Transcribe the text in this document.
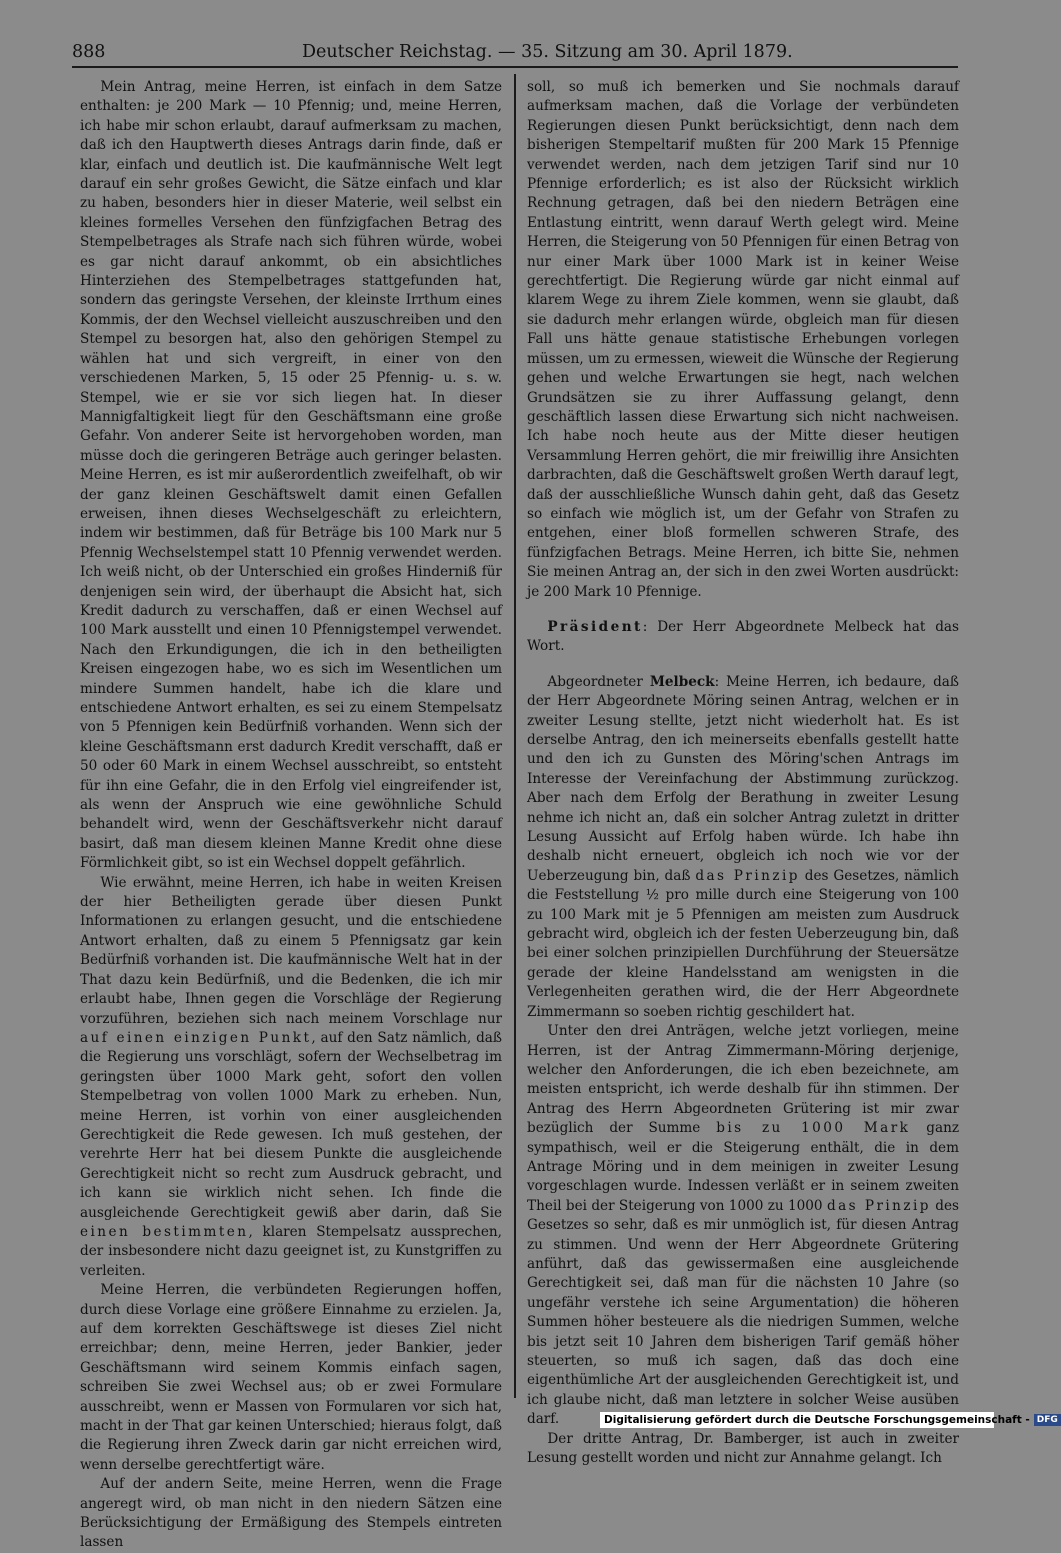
888	Deutscher Reichstag. — 35. Sitzung am 30. April 1879.

Mein Antrag, meine Herren, ist einfach in dem Satze enthalten: je 200 Mark — 10 Pfennig; und, meine Herren, ich habe mir schon erlaubt, darauf aufmerksam zu machen, daß ich den Hauptwerth dieses Antrags darin finde, daß er klar, einfach und deutlich ist. Die kaufmännische Welt legt darauf ein sehr großes Gewicht, die Sätze einfach und klar zu haben, besonders hier in dieser Materie, weil selbst ein kleines formelles Versehen den fünfzigfachen Betrag des Stempelbetrages als Strafe nach sich führen würde, wobei es gar nicht darauf ankommt, ob ein absichtliches Hinterziehen des Stempelbetrages stattgefunden hat, sondern das geringste Versehen, der kleinste Irrthum eines Kommis, der den Wechsel vielleicht auszuschreiben und den Stempel zu besorgen hat, also den gehörigen Stempel zu wählen hat und sich vergreift, in einer von den verschiedenen Marken, 5, 15 oder 25 Pfennig- u. s. w. Stempel, wie er sie vor sich liegen hat. In dieser Mannigfaltigkeit liegt für den Geschäftsmann eine große Gefahr. Von anderer Seite ist hervorgehoben worden, man müsse doch die geringeren Beträge auch geringer belasten. Meine Herren, es ist mir außerordentlich zweifelhaft, ob wir der ganz kleinen Geschäftswelt damit einen Gefallen erweisen, ihnen dieses Wechselgeschäft zu erleichtern, indem wir bestimmen, daß für Beträge bis 100 Mark nur 5 Pfennig Wechselstempel statt 10 Pfennig verwendet werden. Ich weiß nicht, ob der Unterschied ein großes Hinderniß für denjenigen sein wird, der überhaupt die Absicht hat, sich Kredit dadurch zu verschaffen, daß er einen Wechsel auf 100 Mark ausstellt und einen 10 Pfennigstempel verwendet. Nach den Erkundigungen, die ich in den betheiligten Kreisen eingezogen habe, wo es sich im Wesentlichen um mindere Summen handelt, habe ich die klare und entschiedene Antwort erhalten, es sei zu einem Stempelsatz von 5 Pfennigen kein Bedürfniß vorhanden. Wenn sich der kleine Geschäftsmann erst dadurch Kredit verschafft, daß er 50 oder 60 Mark in einem Wechsel ausschreibt, so entsteht für ihn eine Gefahr, die in den Erfolg viel eingreifender ist, als wenn der Anspruch wie eine gewöhnliche Schuld behandelt wird, wenn der Geschäftsverkehr nicht darauf basirt, daß man diesem kleinen Manne Kredit ohne diese Förmlichkeit gibt, so ist ein Wechsel doppelt gefährlich.

Wie erwähnt, meine Herren, ich habe in weiten Kreisen der hier Betheiligten gerade über diesen Punkt Informationen zu erlangen gesucht, und die entschiedene Antwort erhalten, daß zu einem 5 Pfennigsatz gar kein Bedürfniß vorhanden ist. Die kaufmännische Welt hat in der That dazu kein Bedürfniß, und die Bedenken, die ich mir erlaubt habe, Ihnen gegen die Vorschläge der Regierung vorzuführen, beziehen sich nach meinem Vorschlage nur auf einen einzigen Punkt, auf den Satz nämlich, daß die Regierung uns vorschlägt, sofern der Wechselbetrag im geringsten über 1000 Mark geht, sofort den vollen Stempelbetrag von vollen 1000 Mark zu erheben. Nun, meine Herren, ist vorhin von einer ausgleichenden Gerechtigkeit die Rede gewesen. Ich muß gestehen, der verehrte Herr hat bei diesem Punkte die ausgleichende Gerechtigkeit nicht so recht zum Ausdruck gebracht, und ich kann sie wirklich nicht sehen. Ich finde die ausgleichende Gerechtigkeit gewiß aber darin, daß Sie einen bestimmten, klaren Stempelsatz aussprechen, der insbesondere nicht dazu geeignet ist, zu Kunstgriffen zu verleiten.

Meine Herren, die verbündeten Regierungen hoffen, durch diese Vorlage eine größere Einnahme zu erzielen. Ja, auf dem korrekten Geschäftswege ist dieses Ziel nicht erreichbar; denn, meine Herren, jeder Bankier, jeder Geschäftsmann wird seinem Kommis einfach sagen, schreiben Sie zwei Wechsel aus; ob er zwei Formulare ausschreibt, wenn er Massen von Formularen vor sich hat, macht in der That gar keinen Unterschied; hieraus folgt, daß die Regierung ihren Zweck darin gar nicht erreichen wird, wenn derselbe gerechtfertigt wäre.

Auf der andern Seite, meine Herren, wenn die Frage angeregt wird, ob man nicht in den niedern Sätzen eine Berücksichtigung der Ermäßigung des Stempels eintreten lassen

soll, so muß ich bemerken und Sie nochmals darauf aufmerksam machen, daß die Vorlage der verbündeten Regierungen diesen Punkt berücksichtigt, denn nach dem bisherigen Stempeltarif mußten für 200 Mark 15 Pfennige verwendet werden, nach dem jetzigen Tarif sind nur 10 Pfennige erforderlich; es ist also der Rücksicht wirklich Rechnung getragen, daß bei den niedern Beträgen eine Entlastung eintritt, wenn darauf Werth gelegt wird. Meine Herren, die Steigerung von 50 Pfennigen für einen Betrag von nur einer Mark über 1000 Mark ist in keiner Weise gerechtfertigt. Die Regierung würde gar nicht einmal auf klarem Wege zu ihrem Ziele kommen, wenn sie glaubt, daß sie dadurch mehr erlangen würde, obgleich man für diesen Fall uns hätte genaue statistische Erhebungen vorlegen müssen, um zu ermessen, wieweit die Wünsche der Regierung gehen und welche Erwartungen sie hegt, nach welchen Grundsätzen sie zu ihrer Auffassung gelangt, denn geschäftlich lassen diese Erwartung sich nicht nachweisen. Ich habe noch heute aus der Mitte dieser heutigen Versammlung Herren gehört, die mir freiwillig ihre Ansichten darbrachten, daß die Geschäftswelt großen Werth darauf legt, daß der ausschließliche Wunsch dahin geht, daß das Gesetz so einfach wie möglich ist, um der Gefahr von Strafen zu entgehen, einer bloß formellen schweren Strafe, des fünfzigfachen Betrags. Meine Herren, ich bitte Sie, nehmen Sie meinen Antrag an, der sich in den zwei Worten ausdrückt: je 200 Mark 10 Pfennige.

Präsident: Der Herr Abgeordnete Melbeck hat das Wort.

Abgeordneter Melbeck: Meine Herren, ich bedaure, daß der Herr Abgeordnete Möring seinen Antrag, welchen er in zweiter Lesung stellte, jetzt nicht wiederholt hat. Es ist derselbe Antrag, den ich meinerseits ebenfalls gestellt hatte und den ich zu Gunsten des Möring'schen Antrags im Interesse der Vereinfachung der Abstimmung zurückzog. Aber nach dem Erfolg der Berathung in zweiter Lesung nehme ich nicht an, daß ein solcher Antrag zuletzt in dritter Lesung Aussicht auf Erfolg haben würde. Ich habe ihn deshalb nicht erneuert, obgleich ich noch wie vor der Ueberzeugung bin, daß das Prinzip des Gesetzes, nämlich die Feststellung ½ pro mille durch eine Steigerung von 100 zu 100 Mark mit je 5 Pfennigen am meisten zum Ausdruck gebracht wird, obgleich ich der festen Ueberzeugung bin, daß bei einer solchen prinzipiellen Durchführung der Steuersätze gerade der kleine Handelsstand am wenigsten in die Verlegenheiten gerathen wird, die der Herr Abgeordnete Zimmermann so soeben richtig geschildert hat.

Unter den drei Anträgen, welche jetzt vorliegen, meine Herren, ist der Antrag Zimmermann-Möring derjenige, welcher den Anforderungen, die ich eben bezeichnete, am meisten entspricht, ich werde deshalb für ihn stimmen. Der Antrag des Herrn Abgeordneten Grütering ist mir zwar bezüglich der Summe bis zu 1000 Mark ganz sympathisch, weil er die Steigerung enthält, die in dem Antrage Möring und in dem meinigen in zweiter Lesung vorgeschlagen wurde. Indessen verläßt er in seinem zweiten Theil bei der Steigerung von 1000 zu 1000 das Prinzip des Gesetzes so sehr, daß es mir unmöglich ist, für diesen Antrag zu stimmen. Und wenn der Herr Abgeordnete Grütering anführt, daß das gewissermaßen eine ausgleichende Gerechtigkeit sei, daß man für die nächsten 10 Jahre (so ungefähr verstehe ich seine Argumentation) die höheren Summen höher besteuere als die niedrigen Summen, welche bis jetzt seit 10 Jahren dem bisherigen Tarif gemäß höher steuerten, so muß ich sagen, daß das doch eine eigenthümliche Art der ausgleichenden Gerechtigkeit ist, und ich glaube nicht, daß man letztere in solcher Weise ausüben darf.

Der dritte Antrag, Dr. Bamberger, ist auch in zweiter Lesung gestellt worden und nicht zur Annahme gelangt. Ich

Digitalisierung gefördert durch die Deutsche Forschungsgemeinschaft - DFG
